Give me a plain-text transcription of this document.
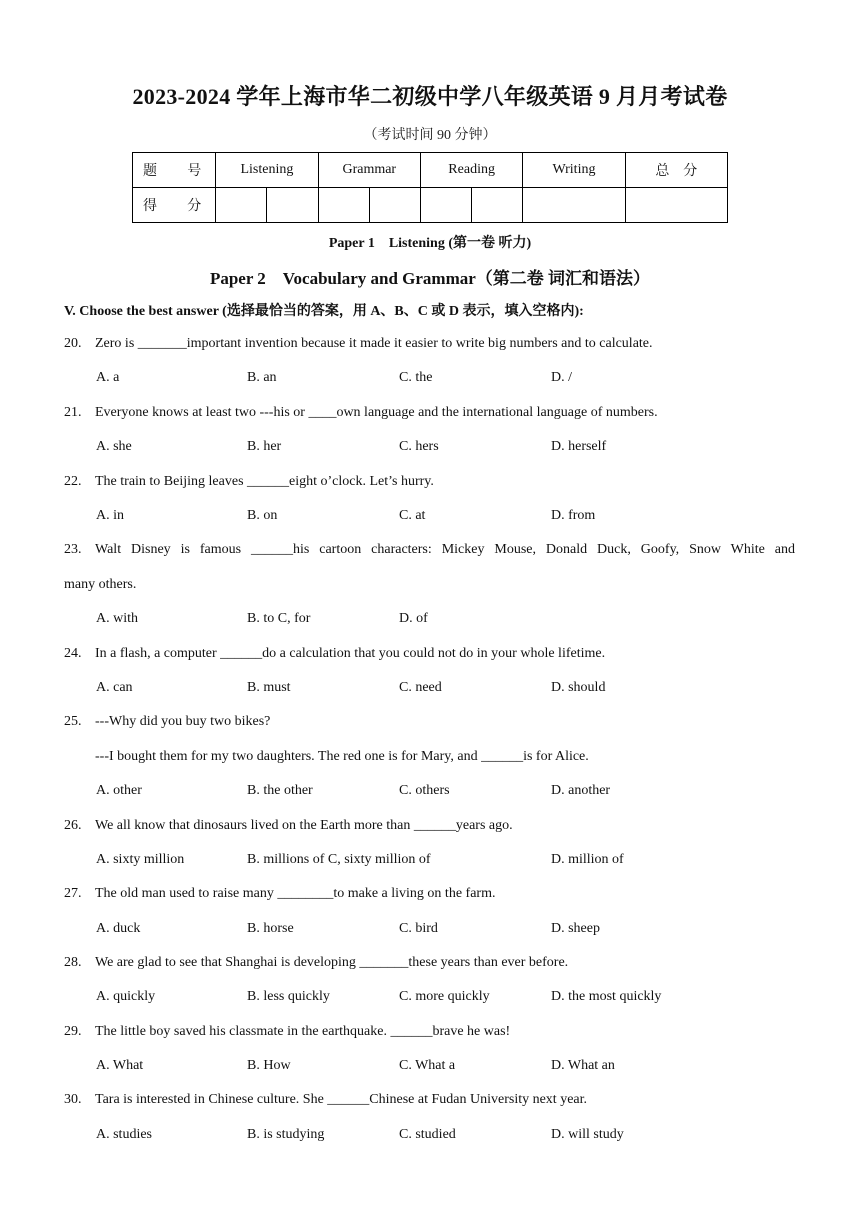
2023-2024 学年上海市华二初级中学八年级英语 9 月月考试卷
（考试时间 90 分钟）
题　号	Listening		Grammar		Reading		Writing	总　分
得　分								
Paper 1　Listening (第一卷 听力)
Paper 2　Vocabulary and Grammar（第二卷 词汇和语法）
V. Choose the best answer (选择最恰当的答案，用 A、B、C 或 D 表示，填入空格内):
20. Zero is _______important invention because it made it easier to write big numbers and to calculate.
A. a	B. an	C. the	D. /
21. Everyone knows at least two ---his or ____own language and the international language of numbers.
A. she	B. her	C. hers	D. herself
22. The train to Beijing leaves ______eight o’clock. Let’s hurry.
A. in	B. on	C. at	D. from
23. Walt Disney is famous ______his cartoon characters: Mickey Mouse, Donald Duck, Goofy, Snow White and
many others.
A. with	B. to C, for	D. of
24. In a flash, a computer ______do a calculation that you could not do in your whole lifetime.
A. can	B. must	C. need	D. should
25. ---Why did you buy two bikes?
---I bought them for my two daughters. The red one is for Mary, and ______is for Alice.
A. other	B. the other	C. others	D. another
26. We all know that dinosaurs lived on the Earth more than ______years ago.
A. sixty million	B. millions of C, sixty million of	D. million of
27. The old man used to raise many ________to make a living on the farm.
A. duck	B. horse	C. bird	D. sheep
28. We are glad to see that Shanghai is developing _______these years than ever before.
A. quickly	B. less quickly	C. more quickly	D. the most quickly
29. The little boy saved his classmate in the earthquake. ______brave he was!
A. What	B. How	C. What a	D. What an
30. Tara is interested in Chinese culture. She ______Chinese at Fudan University next year.
A. studies	B. is studying	C. studied	D. will study
